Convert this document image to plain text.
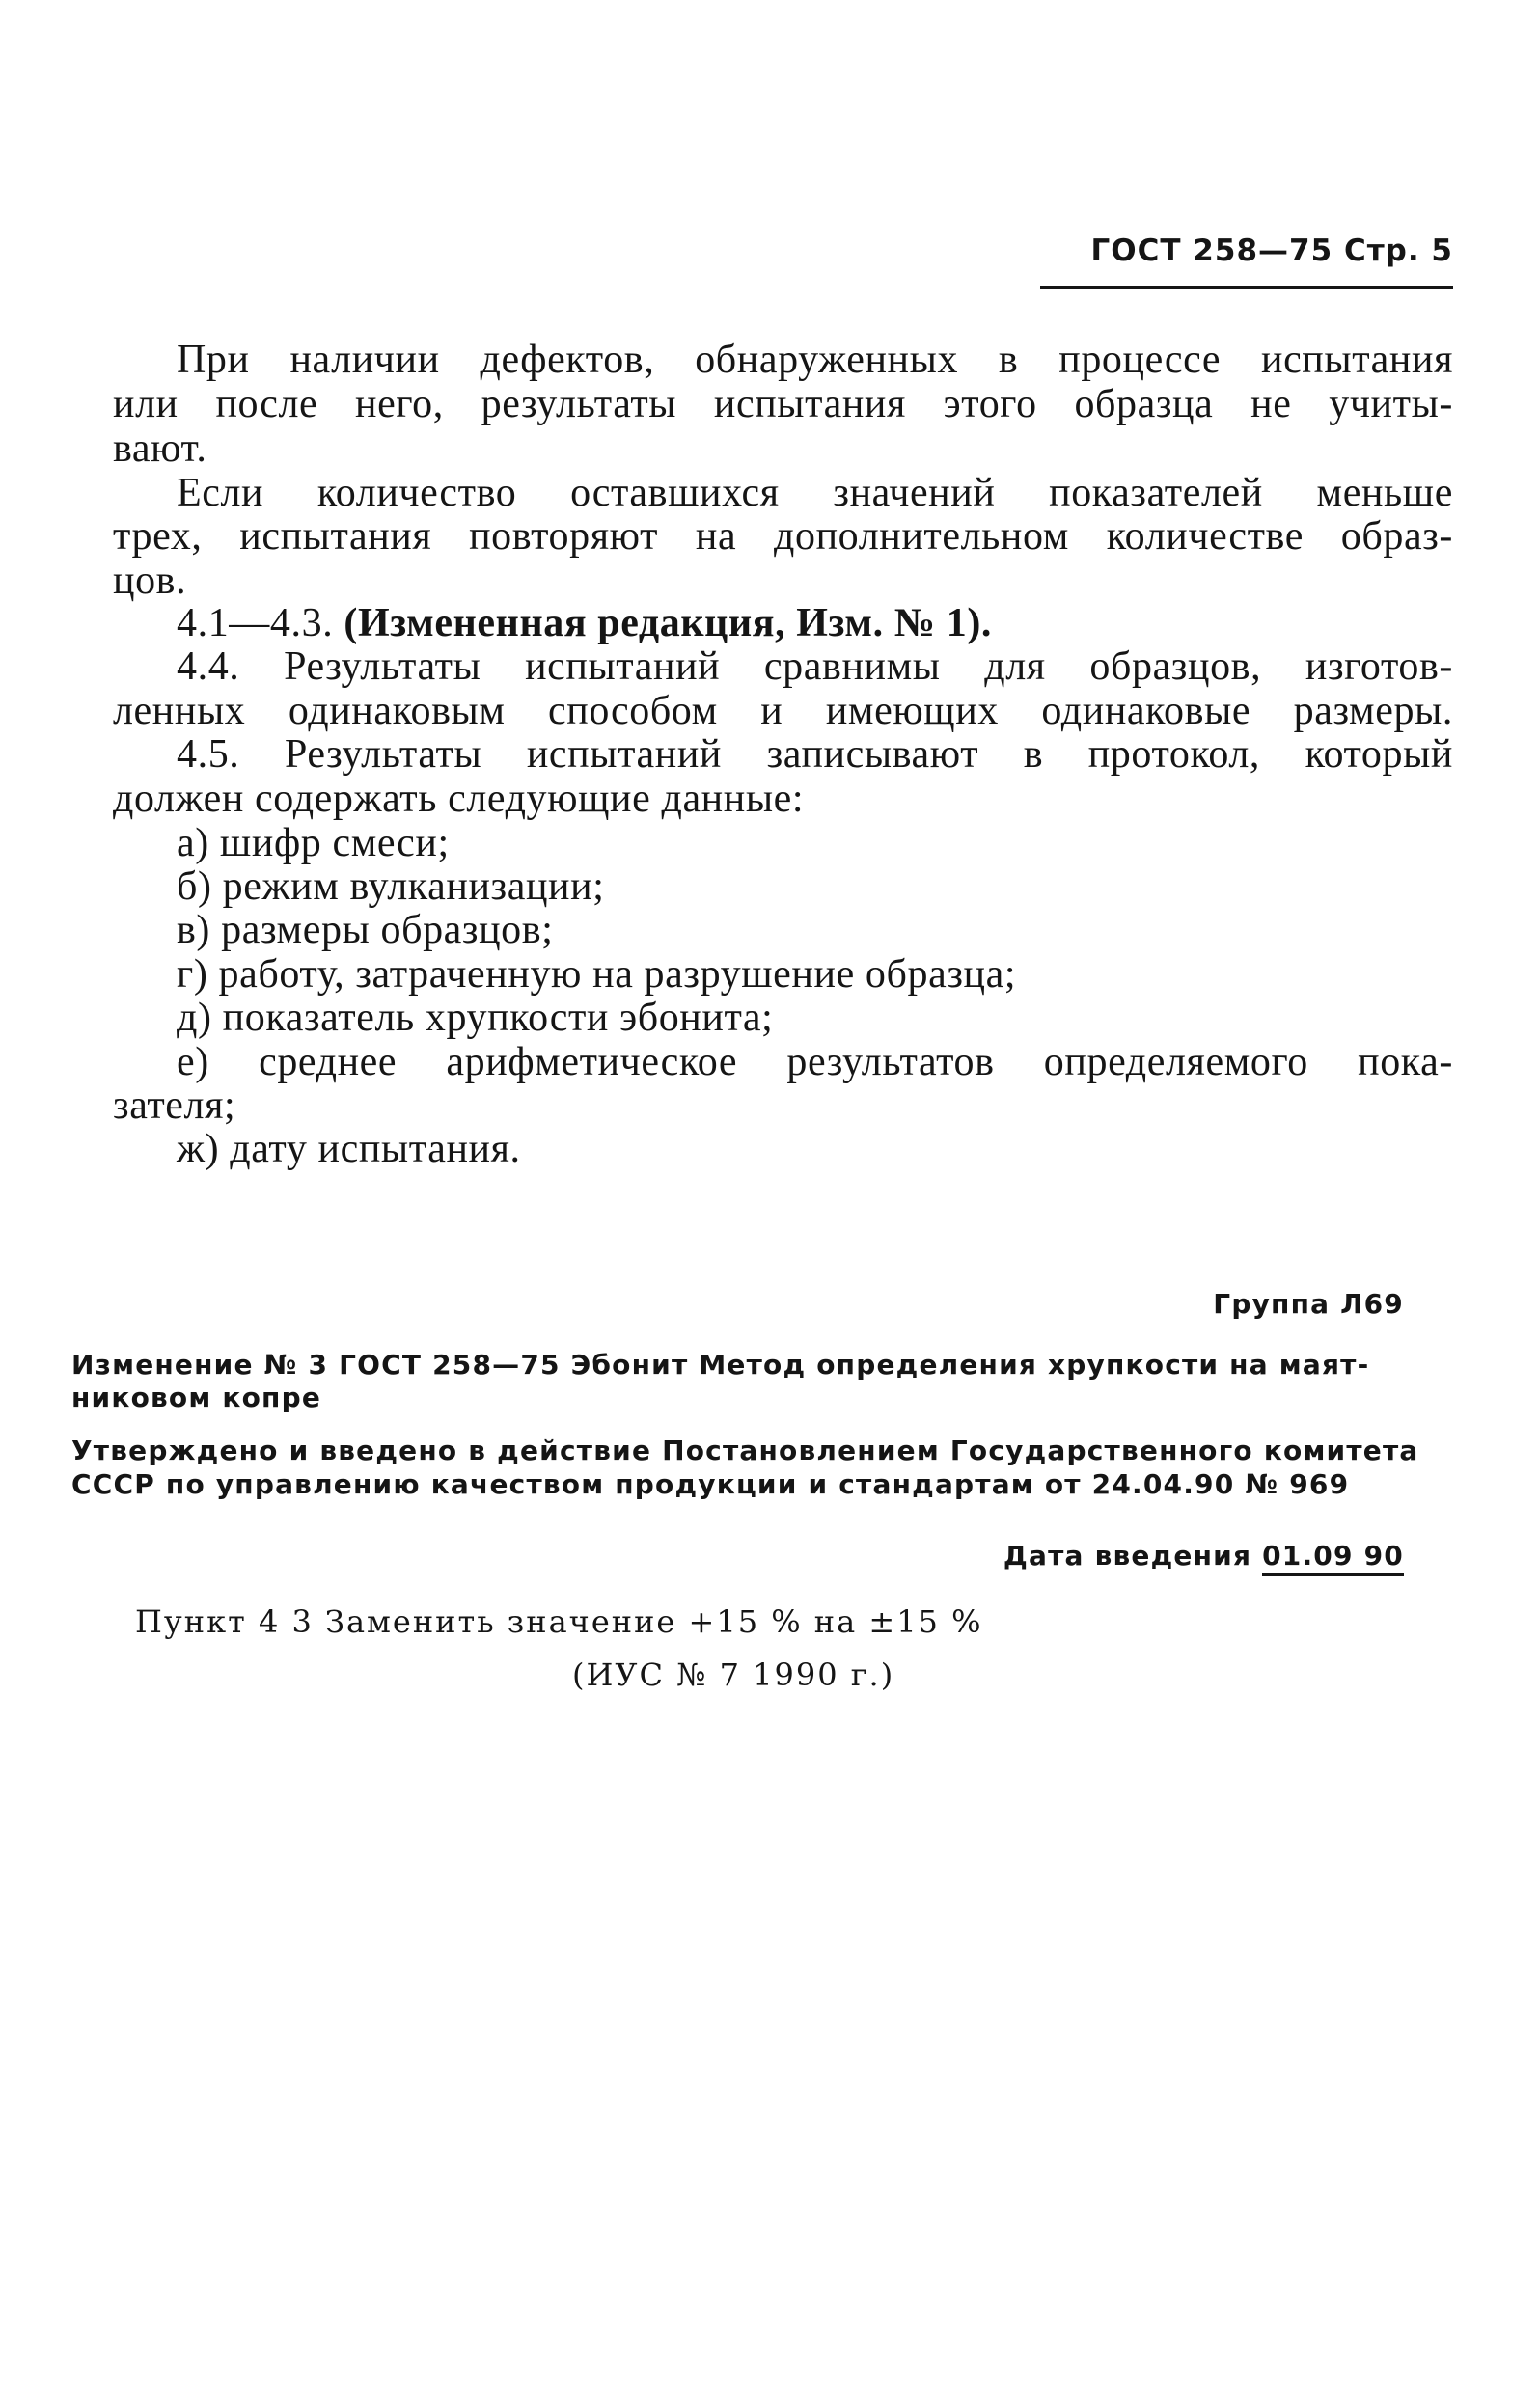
ГОСТ 258—75 Стр. 5
При наличии дефектов, обнаруженных в процессе испытания
или после него, результаты испытания этого образца не учиты-
вают.
Если количество оставшихся значений показателей меньше
трех, испытания повторяют на дополнительном количестве образ-
цов.
4.1—4.3. (Измененная редакция, Изм. № 1).
4.4. Результаты испытаний сравнимы для образцов, изготов-
ленных одинаковым способом и имеющих одинаковые размеры.
4.5. Результаты испытаний записывают в протокол, который
должен содержать следующие данные:
а) шифр смеси;
б) режим вулканизации;
в) размеры образцов;
г) работу, затраченную на разрушение образца;
д) показатель хрупкости эбонита;
е) среднее арифметическое результатов определяемого пока-
зателя;
ж) дату испытания.
Группа Л69
Изменение № 3 ГОСТ 258—75 Эбонит Метод определения хрупкости на маят-
никовом копре
Утверждено и введено в действие Постановлением Государственного комитета
СССР по управлению качеством продукции и стандартам от 24.04.90 № 969
Дата введения 01.09 90
Пункт 4 3 Заменить значение +15 % на ±15 %
(ИУС № 7 1990 г.)
